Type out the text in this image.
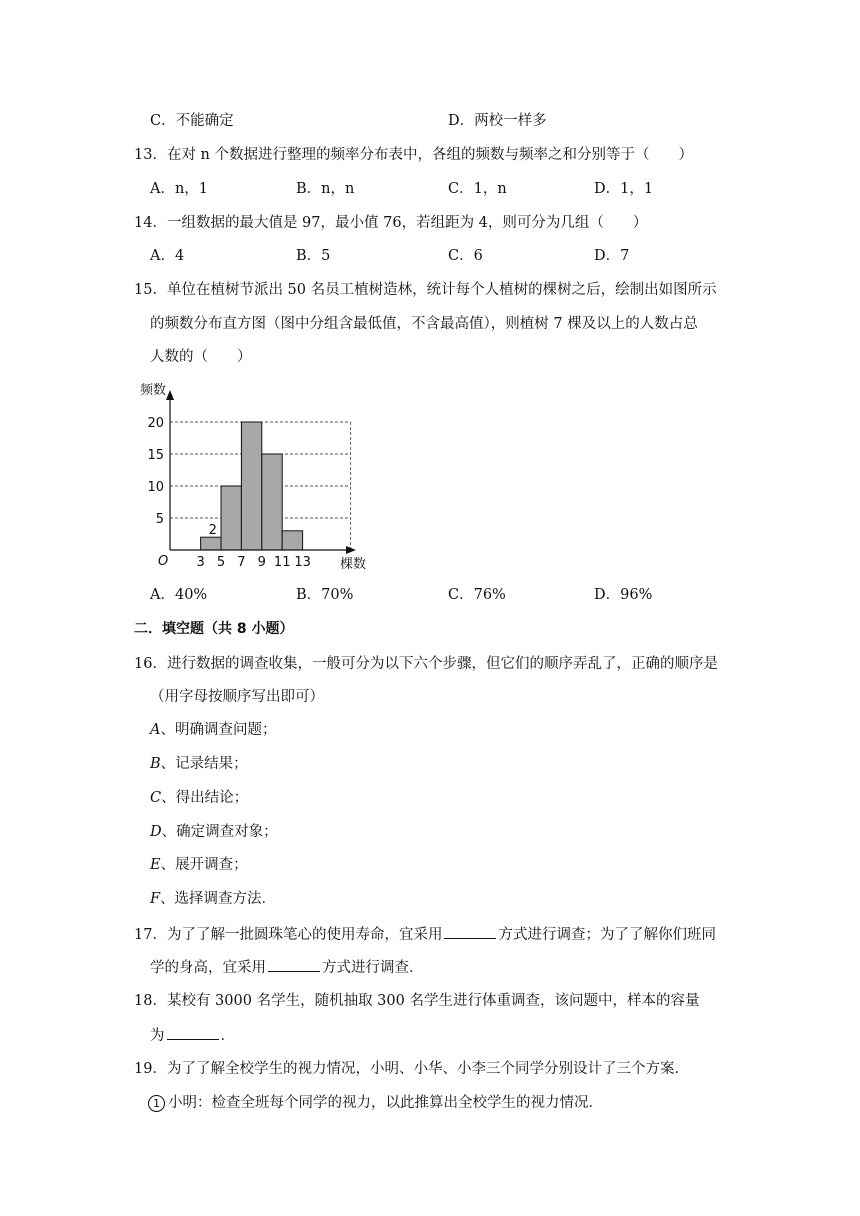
C．不能确定	D．两校一样多
13．在对 n 个数据进行整理的频率分布表中，各组的频数与频率之和分别等于（　　）
A．n，1	B．n，n	C．1，n	D．1，1
14．一组数据的最大值是 97，最小值 76，若组距为 4，则可分为几组（　　）
A．4	B．5	C．6	D．7
15．单位在植树节派出 50 名员工植树造林，统计每个人植树的棵树之后，绘制出如图所示
的频数分布直方图（图中分组含最低值，不含最高值），则植树 7 棵及以上的人数占总
人数的（　　）
频数
棵数
O
5
10
15
20
3 5 7 9 11 13
2
A．40%	B．70%	C．76%	D．96%
二．填空题（共 8 小题）
16．进行数据的调查收集，一般可分为以下六个步骤，但它们的顺序弄乱了，正确的顺序是
（用字母按顺序写出即可）
A、明确调查问题；
B、记录结果；
C、得出结论；
D、确定调查对象；
E、展开调查；
F、选择调查方法．
17．为了了解一批圆珠笔心的使用寿命，宜采用	方式进行调查；为了了解你们班同
学的身高，宜采用	方式进行调查．
18．某校有 3000 名学生，随机抽取 300 名学生进行体重调查，该问题中，样本的容量
为	．
19．为了了解全校学生的视力情况，小明、小华、小李三个同学分别设计了三个方案．
1 小明：检查全班每个同学的视力，以此推算出全校学生的视力情况．
